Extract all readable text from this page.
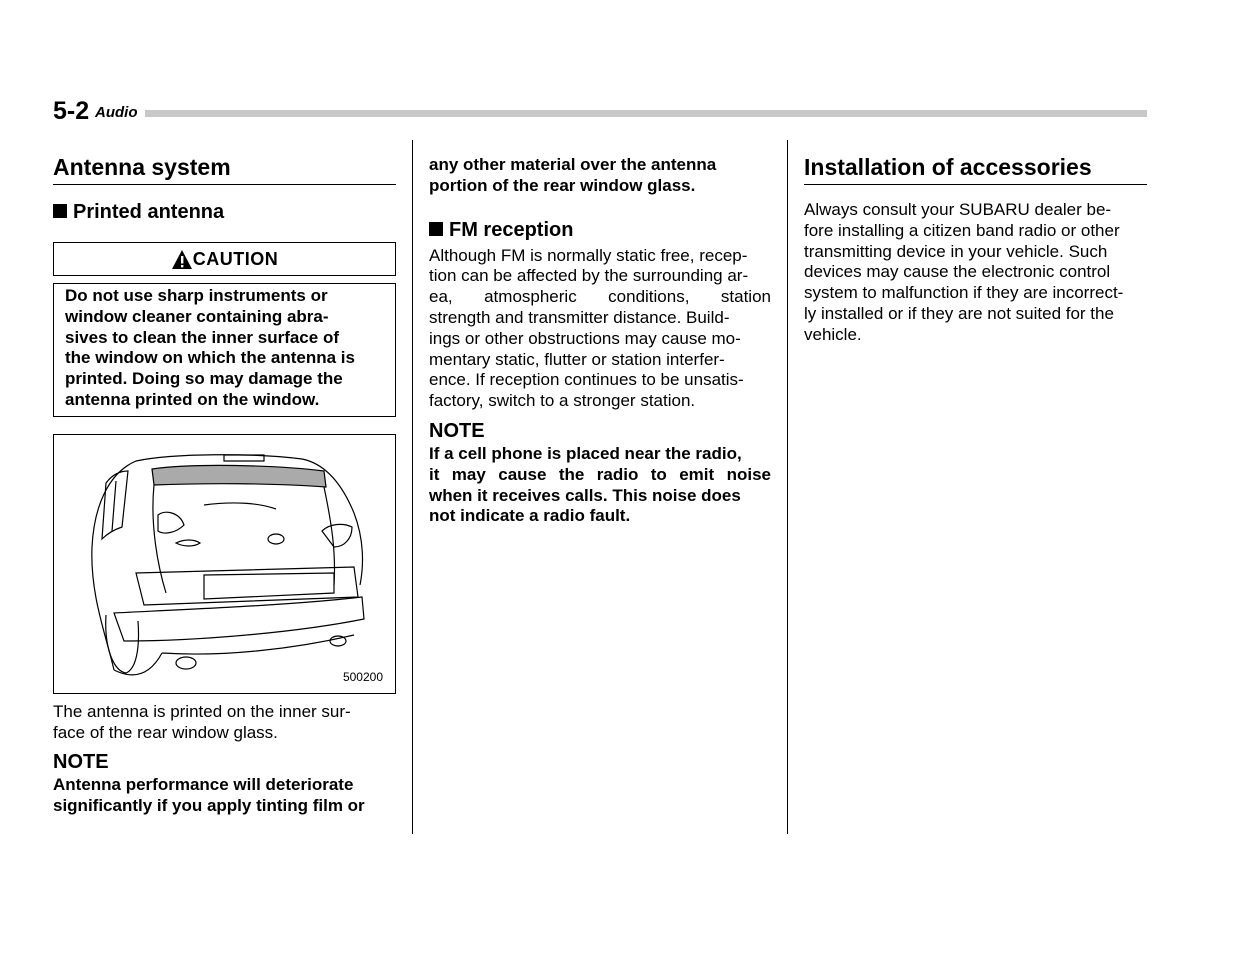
5-2 Audio
Antenna system
Printed antenna
CAUTION
Do not use sharp instruments or
window cleaner containing abra-
sives to clean the inner surface of
the window on which the antenna is
printed. Doing so may damage the
antenna printed on the window.
500200
The antenna is printed on the inner sur-
face of the rear window glass.
NOTE
Antenna performance will deteriorate
significantly if you apply tinting film or
any other material over the antenna
portion of the rear window glass.
FM reception
Although FM is normally static free, recep-
tion can be affected by the surrounding ar-
ea, atmospheric conditions, station
strength and transmitter distance. Build-
ings or other obstructions may cause mo-
mentary static, flutter or station interfer-
ence. If reception continues to be unsatis-
factory, switch to a stronger station.
NOTE
If a cell phone is placed near the radio,
it may cause the radio to emit noise
when it receives calls. This noise does
not indicate a radio fault.
Installation of accessories
Always consult your SUBARU dealer be-
fore installing a citizen band radio or other
transmitting device in your vehicle. Such
devices may cause the electronic control
system to malfunction if they are incorrect-
ly installed or if they are not suited for the
vehicle.
